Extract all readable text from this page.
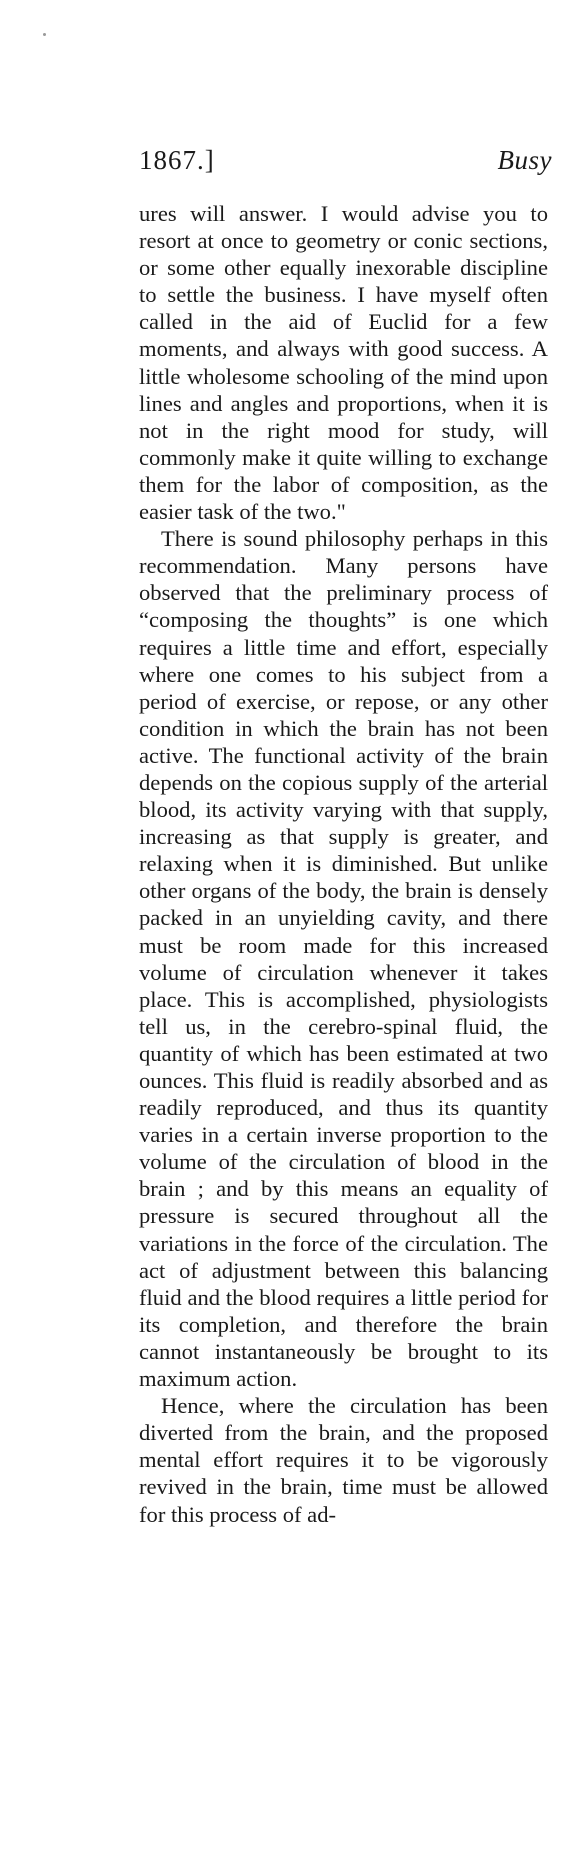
1867.]	Busy

ures will answer. I would advise you to resort at once to geometry or conic sections, or some other equally inexorable discipline to settle the business. I have myself often called in the aid of Euclid for a few moments, and always with good success. A little wholesome schooling of the mind upon lines and angles and proportions, when it is not in the right mood for study, will commonly make it quite willing to exchange them for the labor of composition, as the easier task of the two."

There is sound philosophy perhaps in this recommendation. Many persons have observed that the preliminary process of “composing the thoughts” is one which requires a little time and effort, especially where one comes to his subject from a period of exercise, or repose, or any other condition in which the brain has not been active. The functional activity of the brain depends on the copious supply of the arterial blood, its activity varying with that supply, increasing as that supply is greater, and relaxing when it is diminished. But unlike other organs of the body, the brain is densely packed in an unyielding cavity, and there must be room made for this increased volume of circulation whenever it takes place. This is accomplished, physiologists tell us, in the cerebro-spinal fluid, the quantity of which has been estimated at two ounces. This fluid is readily absorbed and as readily reproduced, and thus its quantity varies in a certain inverse proportion to the volume of the circulation of blood in the brain ; and by this means an equality of pressure is secured throughout all the variations in the force of the circulation. The act of adjustment between this balancing fluid and the blood requires a little period for its completion, and therefore the brain cannot instantaneously be brought to its maximum action.

Hence, where the circulation has been diverted from the brain, and the proposed mental effort requires it to be vigorously revived in the brain, time must be allowed for this process of ad-
